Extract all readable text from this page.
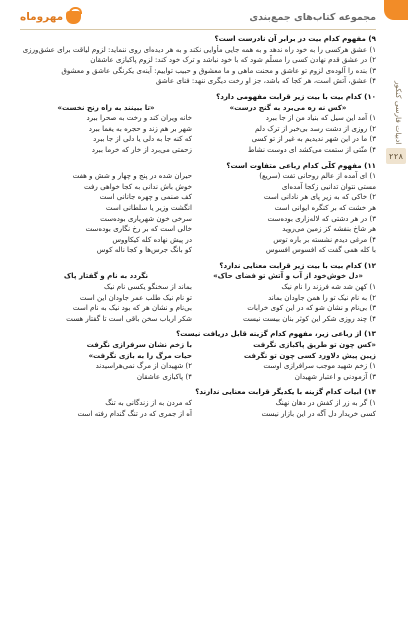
مجموعه کتاب‌های جمع‌بندی
مهروماه
ادبیات فارسی کنکور
۲۲۸
۹) مفهوم کدام بیت در برابر آن نادرست است؟
۱) عشق هرکسی را به خود راه ندهد و به همه جایی مأوایی نکند و به هر دیده‌ای روی ننماید: لزوم لیاقت برای عشق‌ورزی
۲) در عشق قدم نهادن کسی را مسلّم شود که با خود نباشد و ترک خود کند: لزوم پاکبازی عاشقان
۳) بنده را آلوده‌ی لزوم تو عاشق و محنت ماهی و ما معشوق و حبیب تواییم: آینه‌ی یکرنگی عاشق و معشوق
۴) عشق، آتش است، هر کجا که باشد، جز او رخت دیگری ننهد: فنای عاشق
۱۰) کدام بیت با بیت زیر قرابت مفهومی دارد؟
«کس نه ره می‌برد به گنج درست»
۱) آمد این سیل که بنیاد من از جا ببرد
۲) روزی از دشت رسد بی‌خبر از ترک دلم
۳) ما در این شهر ندیدیم به غیر از تو کسی
۴) منّتی از ستمت می‌کشد ای دوست نشاط
«تا ببینند به راه رنج نخست»
خانه ویران کند و رخت به صحرا ببرد
شهر بر هم زند و حجره به یغما ببرد
که کنه جا به دلی یا دلی از جا ببرد
زحمتی می‌برد از خار که خرما ببرد
۱۱) مفهوم کلّی کدام رباعی متفاوت است؟
۱) ای آمده از عالم روحانی تفت (سریع)
مستی نتوان تدانیی زکجا آمده‌ای
۲) خاکی که به زیر پای هر نادانی است
هر خشت که بر کنگره ایوانی است
۳) در هر دشتی که لاله‌زاری بوده‌ست
هر شاخ بنفشه کز زمین می‌روید
۴) مرغی دیدم نشسته بر باره توس
با کله همی گفت که افسوس افسوس
حیران شده در پنج و چهار و شش و هفت
خوش باش ندانی به کجا خواهی رفت
کف صنمی و چهره جانانی است
انگشت وزیر یا سلطانی است
سرخی خون شهریاری بوده‌ست
خالی است که بر رخ نگاری بوده‌ست
در پیش نهاده کله کیکاووس
کو بانگ جرس‌ها و کجا ناله کوس
۱۲) کدام بیت با بیت زیر قرابت معنایی ندارد؟
«دل خوش‌خود از آب و آتش تو فضای حاک»
۱) کهن شد شه فرزند را نام نیک
۲) به نام نیک تو را همن جاودان بماند
۳) بی‌نام و نشان شو که در این کوی خرابات
۴) چند روزی شکر این کوثر بنان بیست نیست
نگردد به نام و گفتار پاک
بماند از سخنگو یکسی نام نیک
تو نام نیک طلب عمر جاودان این است
بی‌نام و نشان هر که بود نیک به نام است
شکر ارباب سخن باقی است تا گفتار هست
۱۳) از رباعی زیر، مفهوم کدام گزینه قابل دریافت نیست؟
«کس چون تو طریق پاکبازی نگرفت
زیبن پیش دلاورد کسی چون تو نگرفت
۱) زخم شهید موجب سرافرازی اوست
۳) آزمودنی و اعتبار شهیدان
با زخم نشان سرفرازی نگرفت
حیات مرگ را به بازی نگرفت»
۲) شهیدان از مرگ نمی‌هراسیدند
۴) پاکبازی عاشقان
۱۴) ابیات کدام گزینه با یکدیگر قرابت معنایی ندارند؟
۱) گر به زر از کفش در دهان نهنگ
کسی خریدار دل آگه در این بازار نیست
که مردن به از زندگانی به تنگ
آه از جمری که در تنگ گندام رفته است
